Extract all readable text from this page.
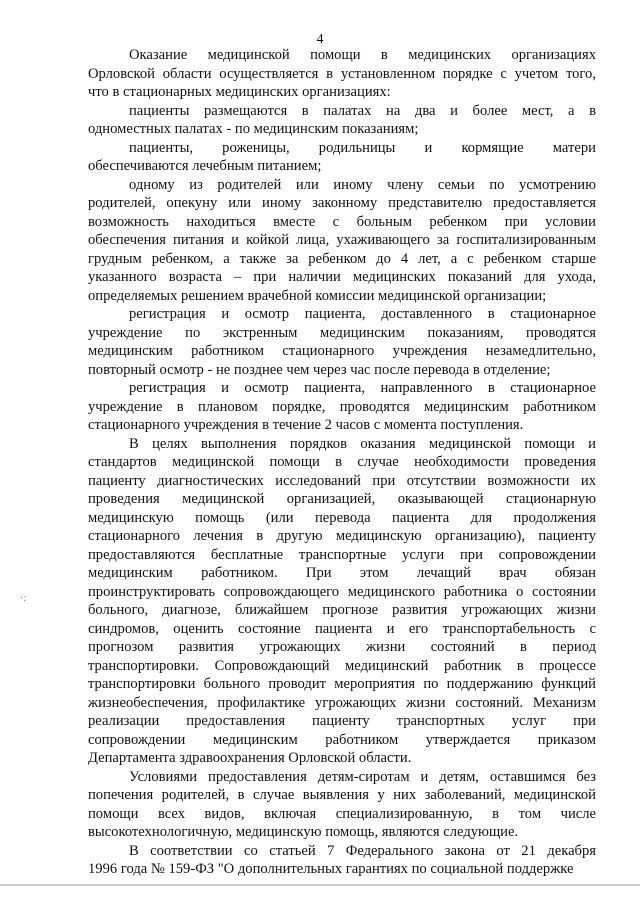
4
·:
Оказание медицинской помощи в медицинских организациях
Орловской области осуществляется в установленном порядке с учетом того,
что в стационарных медицинских организациях:
пациенты размещаются в палатах на два и более мест, а в
одноместных палатах - по медицинским показаниям;
пациенты, роженицы, родильницы и кормящие матери
обеспечиваются лечебным питанием;
одному из родителей или иному члену семьи по усмотрению
родителей, опекуну или иному законному представителю предоставляется
возможность находиться вместе с больным ребенком при условии
обеспечения питания и койкой лица, ухаживающего за госпитализированным
грудным ребенком, а также за ребенком до 4 лет, а с ребенком старше
указанного возраста – при наличии медицинских показаний для ухода,
определяемых решением врачебной комиссии медицинской организации;
регистрация и осмотр пациента, доставленного в стационарное
учреждение по экстренным медицинским показаниям, проводятся
медицинским работником стационарного учреждения незамедлительно,
повторный осмотр - не позднее чем через час после перевода в отделение;
регистрация и осмотр пациента, направленного в стационарное
учреждение в плановом порядке, проводятся медицинским работником
стационарного учреждения в течение 2 часов с момента поступления.
В целях выполнения порядков оказания медицинской помощи и
стандартов медицинской помощи в случае необходимости проведения
пациенту диагностических исследований при отсутствии возможности их
проведения медицинской организацией, оказывающей стационарную
медицинскую помощь (или перевода пациента для продолжения
стационарного лечения в другую медицинскую организацию), пациенту
предоставляются бесплатные транспортные услуги при сопровождении
медицинским работником. При этом лечащий врач обязан
проинструктировать сопровождающего медицинского работника о состоянии
больного, диагнозе, ближайшем прогнозе развития угрожающих жизни
синдромов, оценить состояние пациента и его транспортабельность с
прогнозом развития угрожающих жизни состояний в период
транспортировки. Сопровождающий медицинский работник в процессе
транспортировки больного проводит мероприятия по поддержанию функций
жизнеобеспечения, профилактике угрожающих жизни состояний. Механизм
реализации предоставления пациенту транспортных услуг при
сопровождении медицинским работником утверждается приказом
Департамента здравоохранения Орловской области.
Условиями предоставления детям-сиротам и детям, оставшимся без
попечения родителей, в случае выявления у них заболеваний, медицинской
помощи всех видов, включая специализированную, в том числе
высокотехнологичную, медицинскую помощь, являются следующие.
В соответствии со статьей 7 Федерального закона от 21 декабря
1996 года № 159-ФЗ "О дополнительных гарантиях по социальной поддержке
